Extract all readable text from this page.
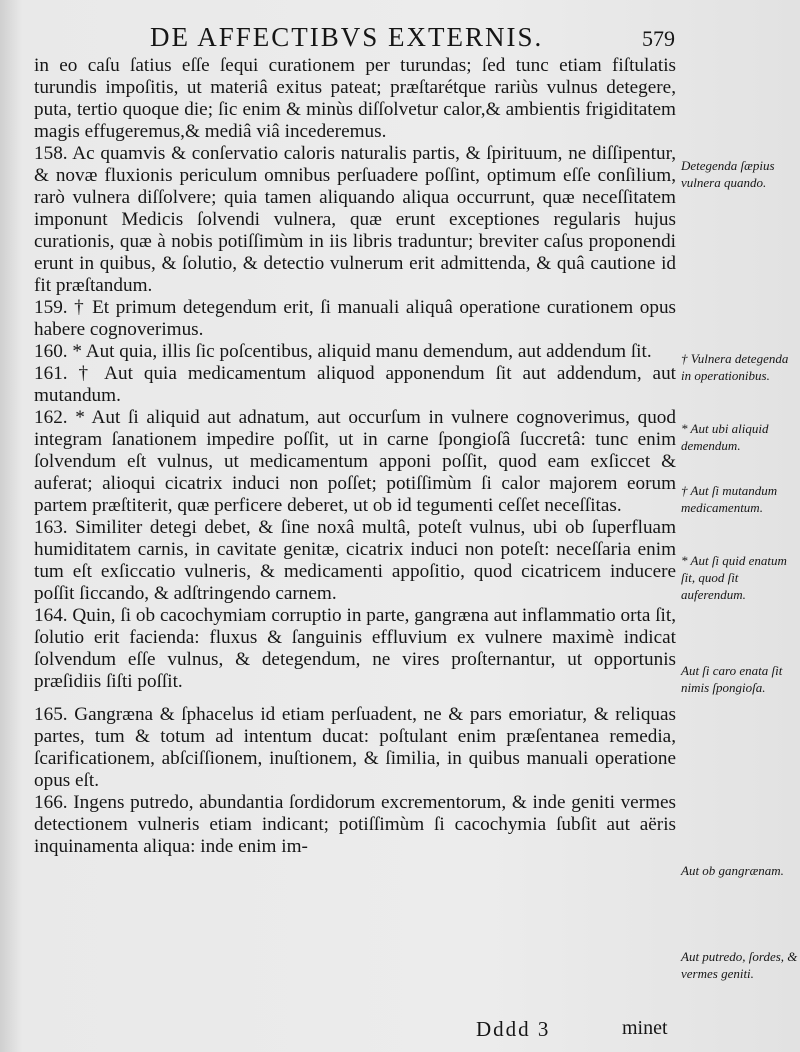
DE AFFECTIBVS EXTERNIS.	579

in eo caſu ſatius eſſe ſequi curationem per turundas; ſed tunc etiam fiſtulatis turundis impoſitis, ut materiâ exitus pateat; præſtarétque rariùs vulnus detegere, puta, tertio quoque die; ſic enim & minùs diſſolvetur calor,& ambientis frigiditatem magis effugeremus,& mediâ viâ incederemus.

158. Ac quamvis & conſervatio caloris naturalis partis, & ſpirituum, ne diſſipentur, & novæ fluxionis periculum omnibus perſuadere poſſint, optimum eſſe conſilium, rarò vulnera diſſolvere; quia tamen aliquando aliqua occurrunt, quæ neceſſitatem imponunt Medicis ſolvendi vulnera, quæ erunt exceptiones regularis hujus curationis, quæ à nobis potiſſimùm in iis libris traduntur; breviter caſus proponendi erunt in quibus, & ſolutio, & detectio vulnerum erit admittenda, & quâ cautione id fit præſtandum.

159. † Et primum detegendum erit, ſi manuali aliquâ operatione curationem opus habere cognoverimus.

160. * Aut quia, illis ſic poſcentibus, aliquid manu demendum, aut addendum ſit.

161. † Aut quia medicamentum aliquod apponendum ſit aut addendum, aut mutandum.

162. * Aut ſi aliquid aut adnatum, aut occurſum in vulnere cognoverimus, quod integram ſanationem impedire poſſit, ut in carne ſpongioſâ ſuccretâ: tunc enim ſolvendum eſt vulnus, ut medicamentum apponi poſſit, quod eam exſiccet & auferat; alioqui cicatrix induci non poſſet; potiſſimùm ſi calor majorem eorum partem præſtiterit, quæ perficere deberet, ut ob id tegumenti ceſſet neceſſitas.

163. Similiter detegi debet, & ſine noxâ multâ, poteſt vulnus, ubi ob ſuperfluam humiditatem carnis, in cavitate genitæ, cicatrix induci non poteſt: neceſſaria enim tum eſt exſiccatio vulneris, & medicamenti appoſitio, quod cicatricem inducere poſſit ſiccando, & adſtringendo carnem.

164. Quin, ſi ob cacochymiam corruptio in parte, gangræna aut inflammatio orta ſit, ſolutio erit facienda: fluxus & ſanguinis effluvium ex vulnere maximè indicat ſolvendum eſſe vulnus, & detegendum, ne vires proſternantur, ut opportunis præſidiis ſiſti poſſit.

165. Gangræna & ſphacelus id etiam perſuadent, ne & pars emoriatur, & reliquas partes, tum & totum ad intentum ducat: poſtulant enim præſentanea remedia, ſcarificationem, abſciſſionem, inuſtionem, & ſimilia, in quibus manuali operatione opus eſt.

166. Ingens putredo, abundantia ſordidorum excrementorum, & inde geniti vermes detectionem vulneris etiam indicant; potiſſimùm ſi cacochymia ſubſit aut aëris inquinamenta aliqua: inde enim im-

Detegenda ſæpius vulnera quando.
† Vulnera detegenda in operationibus.
* Aut ubi aliquid demendum.
† Aut ſi mutandum medicamentum.
* Aut ſi quid enatum ſit, quod ſit auferendum.
Aut ſi caro enata ſit nimis ſpongioſa.
Aut ob gangrænam.
Aut putredo, ſordes, & vermes geniti.
Dddd 3	minet
